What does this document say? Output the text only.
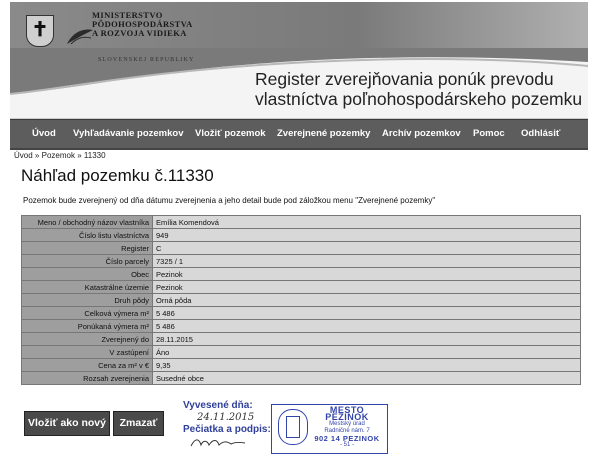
✝
MINISTERSTVO
PÔDOHOSPODÁRSTVA
A ROZVOJA VIDIEKA
SLOVENSKEJ REPUBLIKY
Register zverejňovania ponúk prevodu
vlastníctva poľnohospodárskeho pozemku
Úvod Vyhľadávanie pozemkov Vložiť pozemok Zverejnené pozemky Archív pozemkov Pomoc Odhlásiť
Úvod » Pozemok » 11330
Náhľad pozemku č.11330
Pozemok bude zverejnený od dňa dátumu zverejnenia a jeho detail bude pod záložkou menu "Zverejnené pozemky"
Meno / obchodný názov vlastníka	Emília Komendová
Číslo listu vlastníctva	949
Register	C
Číslo parcely	7325 / 1
Obec	Pezinok
Katastrálne územie	Pezinok
Druh pôdy	Orná pôda
Celková výmera m²	5 486
Ponúkaná výmera m²	5 486
Zverejnený do	28.11.2015
V zastúpení	Áno
Cena za m² v €	9,35
Rozsah zverejnenia	Susedné obce
Vložiť ako nový	Zmazať
Vyvesené dňa:
24.11.2015
Pečiatka a podpis:
MESTO PEZINOK
Mestský úrad
Radničné nám. 7
902 14 PEZINOK
- 51 -
